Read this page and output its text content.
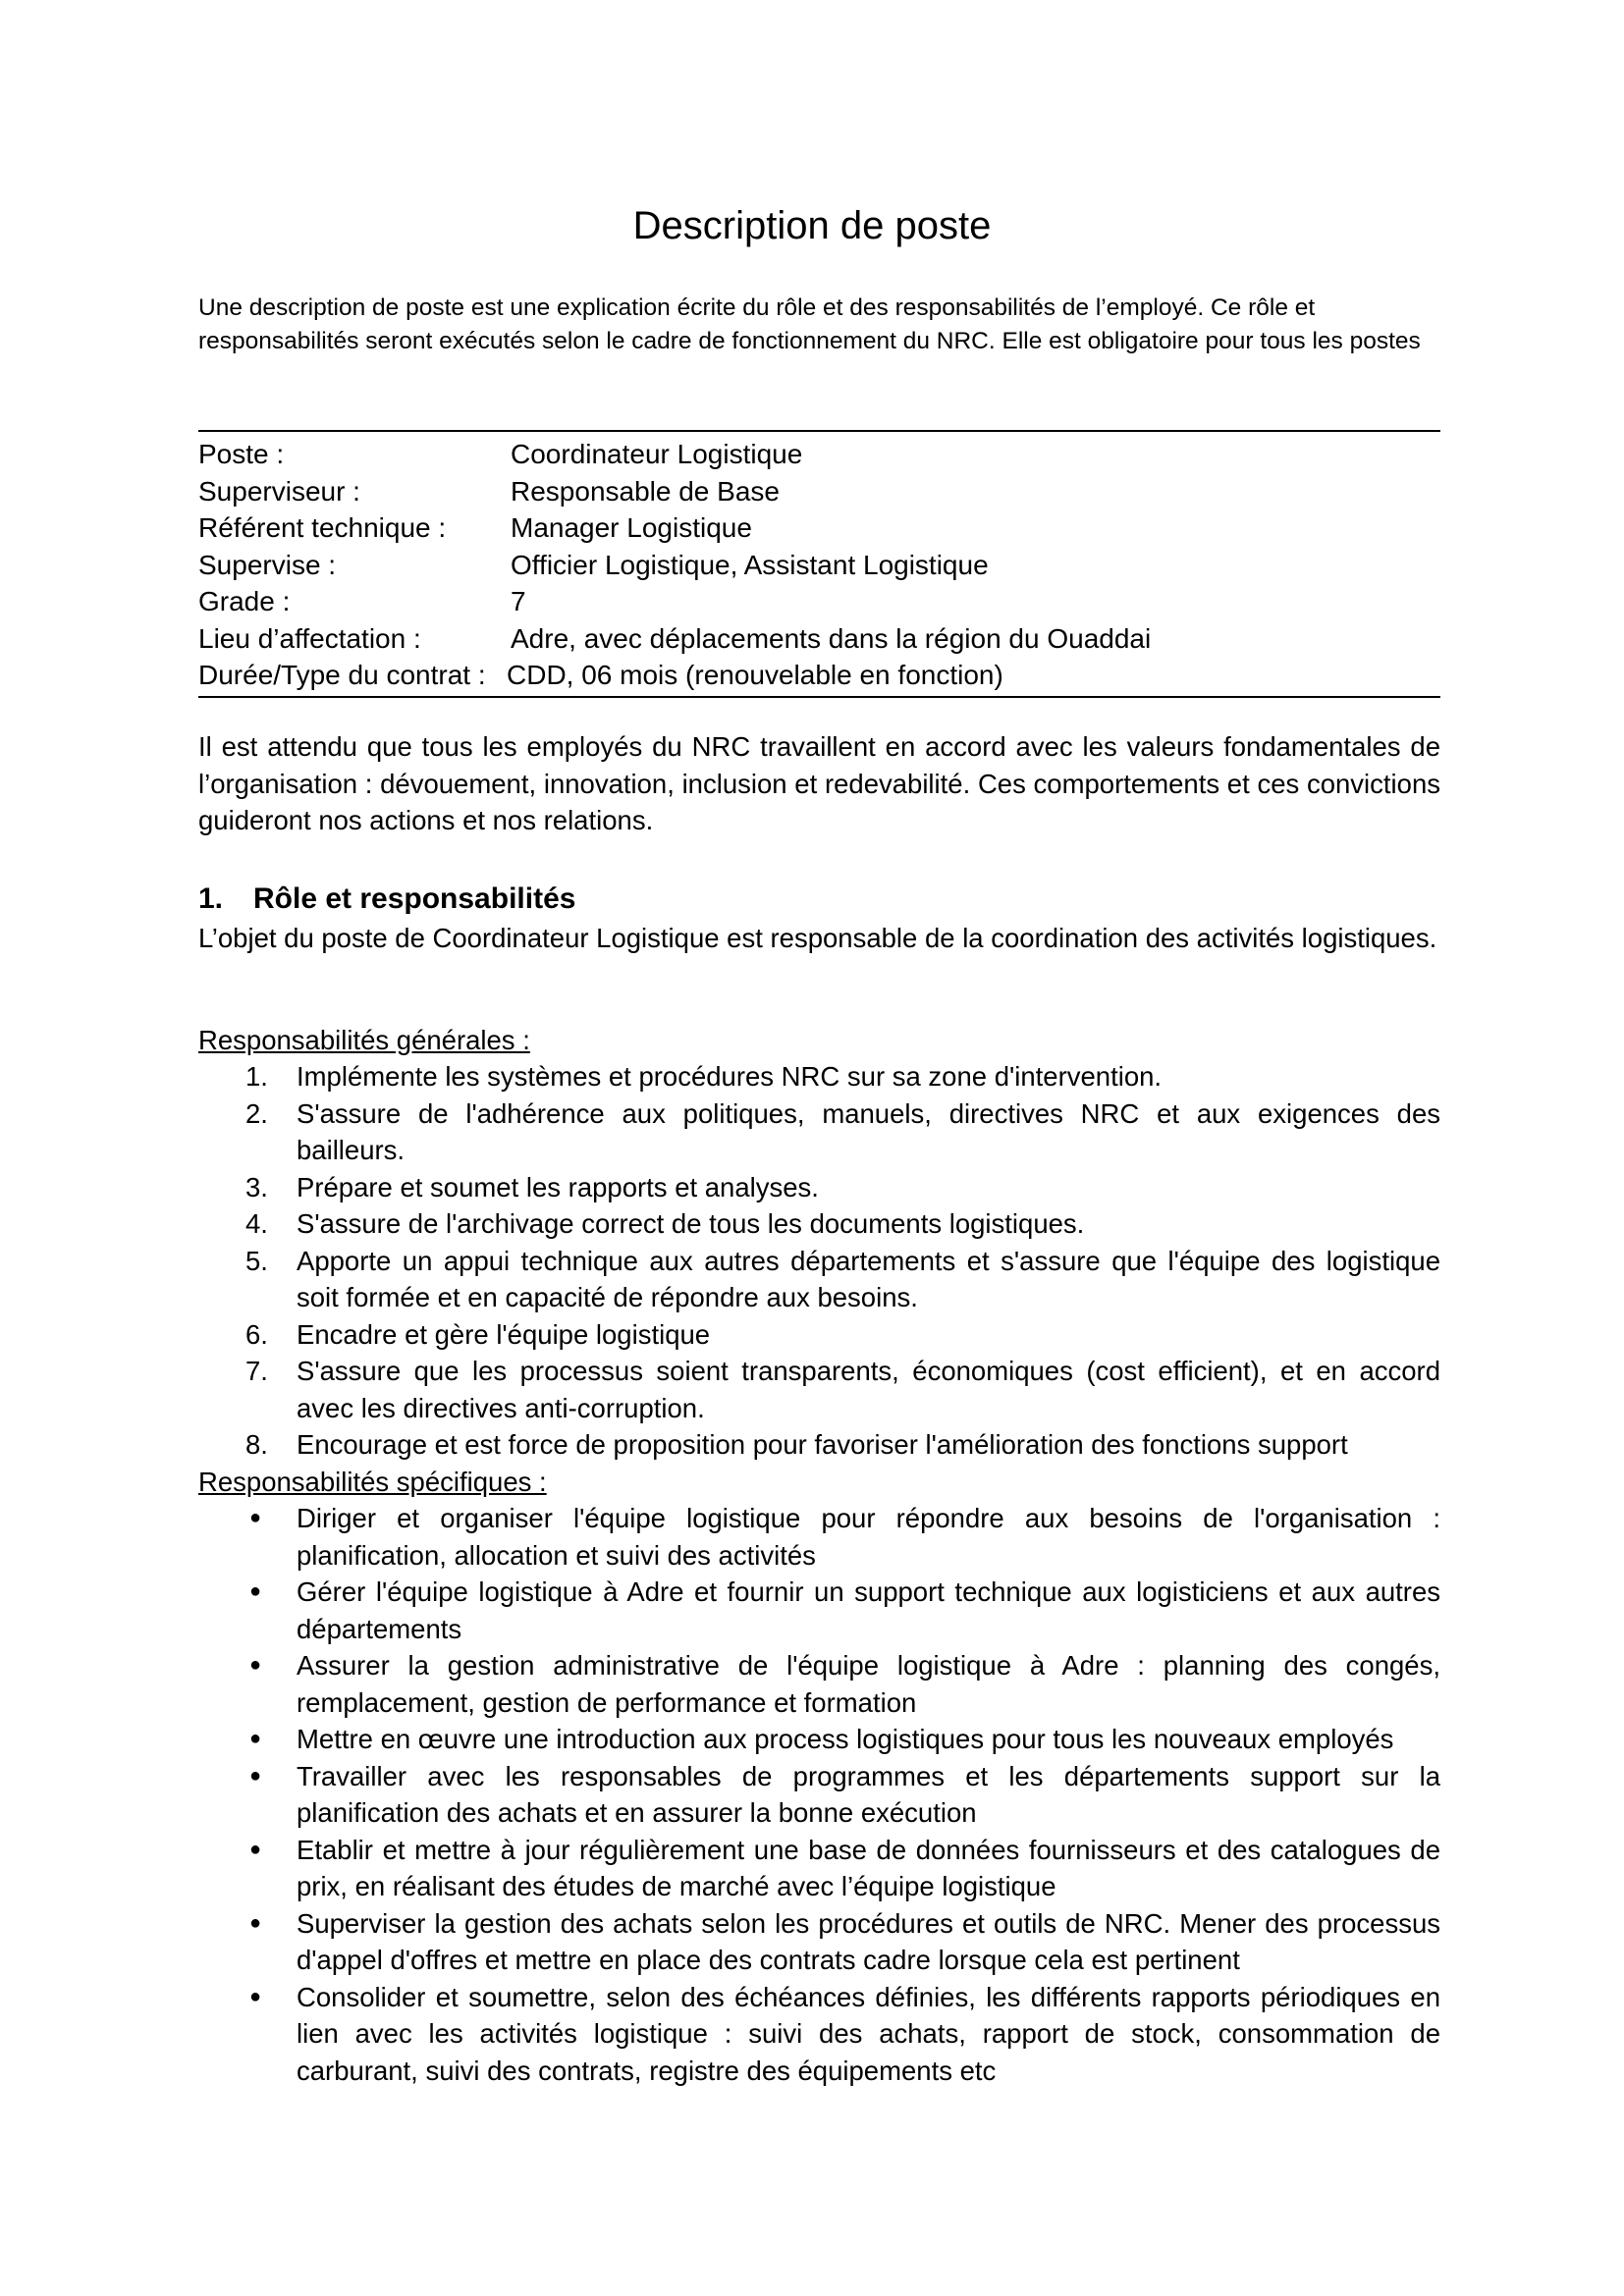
Description de poste

Une description de poste est une explication écrite du rôle et des responsabilités de l’employé. Ce rôle et responsabilités seront exécutés selon le cadre de fonctionnement du NRC. Elle est obligatoire pour tous les postes

Poste :	Coordinateur Logistique
Superviseur :	Responsable de Base
Référent technique :	Manager Logistique
Supervise :	Officier Logistique, Assistant Logistique
Grade :	7
Lieu d’affectation :	Adre, avec déplacements dans la région du Ouaddai
Durée/Type du contrat : CDD, 06 mois (renouvelable en fonction)

Il est attendu que tous les employés du NRC travaillent en accord avec les valeurs fondamentales de l’organisation : dévouement, innovation, inclusion et redevabilité. Ces comportements et ces convictions guideront nos actions et nos relations.

1. Rôle et responsabilités

L’objet du poste de Coordinateur Logistique est responsable de la coordination des activités logistiques.

Responsabilités générales :

1.	Implémente les systèmes et procédures NRC sur sa zone d'intervention.
2.	S'assure de l'adhérence aux politiques, manuels, directives NRC et aux exigences des bailleurs.
3.	Prépare et soumet les rapports et analyses.
4.	S'assure de l'archivage correct de tous les documents logistiques.
5.	Apporte un appui technique aux autres départements et s'assure que l'équipe des logistique soit formée et en capacité de répondre aux besoins.
6.	Encadre et gère l'équipe logistique
7.	S'assure que les processus soient transparents, économiques (cost efficient), et en accord avec les directives anti-corruption.
8.	Encourage et est force de proposition pour favoriser l'amélioration des fonctions support

Responsabilités spécifiques :

●	Diriger et organiser l'équipe logistique pour répondre aux besoins de l'organisation : planification, allocation et suivi des activités
●	Gérer l'équipe logistique à Adre et fournir un support technique aux logisticiens et aux autres départements
●	Assurer la gestion administrative de l'équipe logistique à Adre : planning des congés, remplacement, gestion de performance et formation
●	Mettre en œuvre une introduction aux process logistiques pour tous les nouveaux employés
●	Travailler avec les responsables de programmes et les départements support sur la planification des achats et en assurer la bonne exécution
●	Etablir et mettre à jour régulièrement une base de données fournisseurs et des catalogues de prix, en réalisant des études de marché avec l’équipe logistique
●	Superviser la gestion des achats selon les procédures et outils de NRC. Mener des processus d'appel d'offres et mettre en place des contrats cadre lorsque cela est pertinent
●	Consolider et soumettre, selon des échéances définies, les différents rapports périodiques en lien avec les activités logistique : suivi des achats, rapport de stock, consommation de carburant, suivi des contrats, registre des équipements etc
